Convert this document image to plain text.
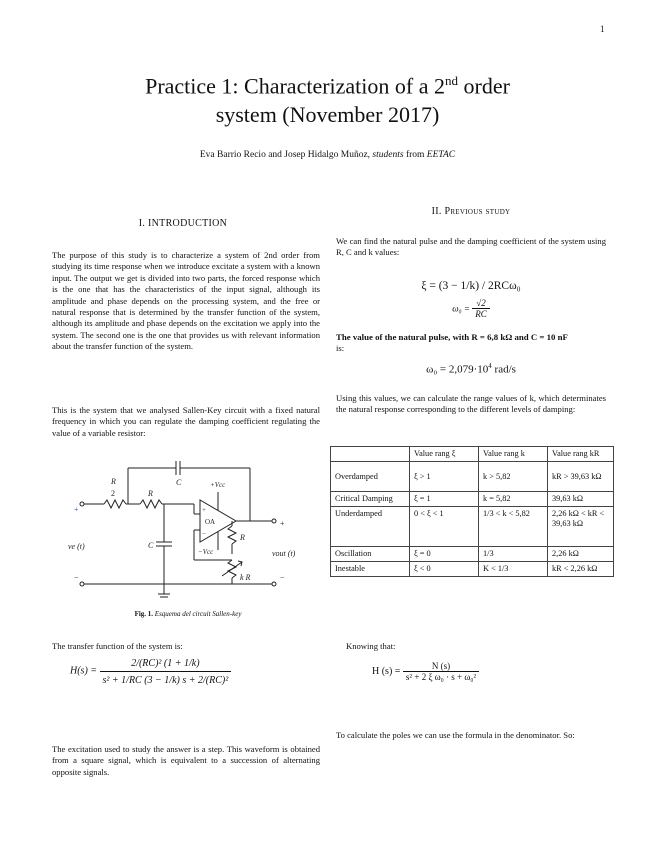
1
Practice 1: Characterization of a 2nd order
system (November 2017)
Eva Barrio Recio and Josep Hidalgo Muñoz, students from EETAC
I. INTRODUCTION
The purpose of this study is to characterize a system of 2nd order from studying its time response when we introduce excitate a system with a known input. The output we get is divided into two parts, the forced response which is the one that has the characteristics of the input signal, although its amplitude and phase depends on the processing system, and the free or natural response that is determined by the transfer function of the system, although its amplitude and phase depends on the excitation we apply into the system. The second one is the one that provides us with relevant information about the transfer function of the system.
This is the system that we analysed Sallen-Key circuit with a fixed natural frequency in which you can regulate the damping coefficient regulating the value of a variable resistor:
R
2	R
C
C
+Vcc
−Vcc
OA
R
k R
ve (t)
vout (t)
+
+
−	−
+
−
Fig. 1. Esquema del circuit Sallen-key
The transfer function of the system is:
$H(s) = \frac{\text{2/(RC)² (1 + 1/k)}}{\text{s² + 1/RC (3 − 1/k) s + 2/(RC)²}}$
The excitation used to study the answer is a step. This waveform is obtained from a square signal, which is equivalent to a succession of alternating opposite signals.
II. Previous study
We can find the natural pulse and the damping coefficient of the system using R, C and k values:
ξ = (3 − 1/k) / 2RCω₀
$\omega_0 = \frac{√2}{RC}$
The value of the natural pulse, with R = 6,8 kΩ and C = 10 nF
is:
$\omega_0 = 2,079\cdot 10^4$ rad/s
Using this values, we can calculate the range values of k, which determinates the natural response corresponding to the different levels of damping:
	Value rang ξ	Value rang k	Value rang kR
Overdamped	ξ > 1	k > 5,82	kR > 39,63 kΩ
Critical Damping	ξ = 1	k = 5,82	39,63 kΩ
Underdamped	0 < ξ < 1	1/3 < k < 5,82	2,26 kΩ < kR < 39,63 kΩ
Oscillation	ξ = 0	1/3	2,26 kΩ
Inestable	ξ < 0	K < 1/3	kR < 2,26 kΩ
Knowing that:
H $(s) = \frac{N (s)}{\text{s² + 2 ξ ω₀ · s + ω₀²}}$
To calculate the poles we can use the formula in the denominator. So:
